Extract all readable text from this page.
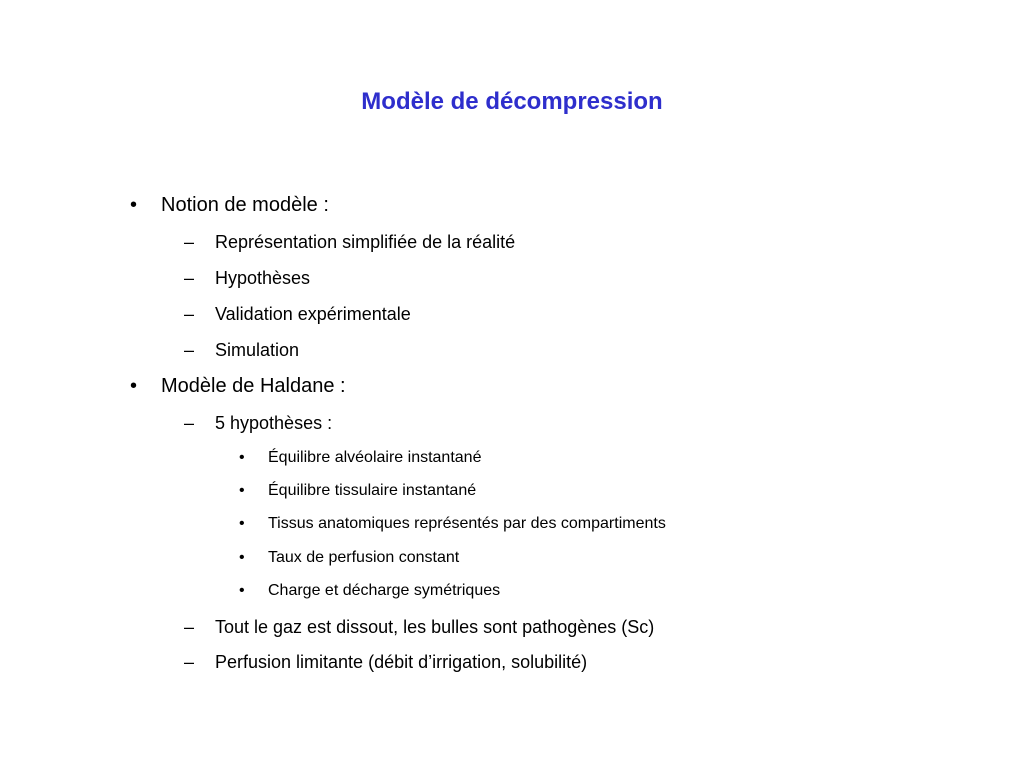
Modèle de décompression
• Notion de modèle :
– Représentation simplifiée de la réalité
– Hypothèses
– Validation expérimentale
– Simulation
• Modèle de Haldane :
– 5 hypothèses :
• Équilibre alvéolaire instantané
• Équilibre tissulaire instantané
• Tissus anatomiques représentés par des compartiments
• Taux de perfusion constant
• Charge et décharge symétriques
– Tout le gaz est dissout, les bulles sont pathogènes (Sc)
– Perfusion limitante (débit d’irrigation, solubilité)
